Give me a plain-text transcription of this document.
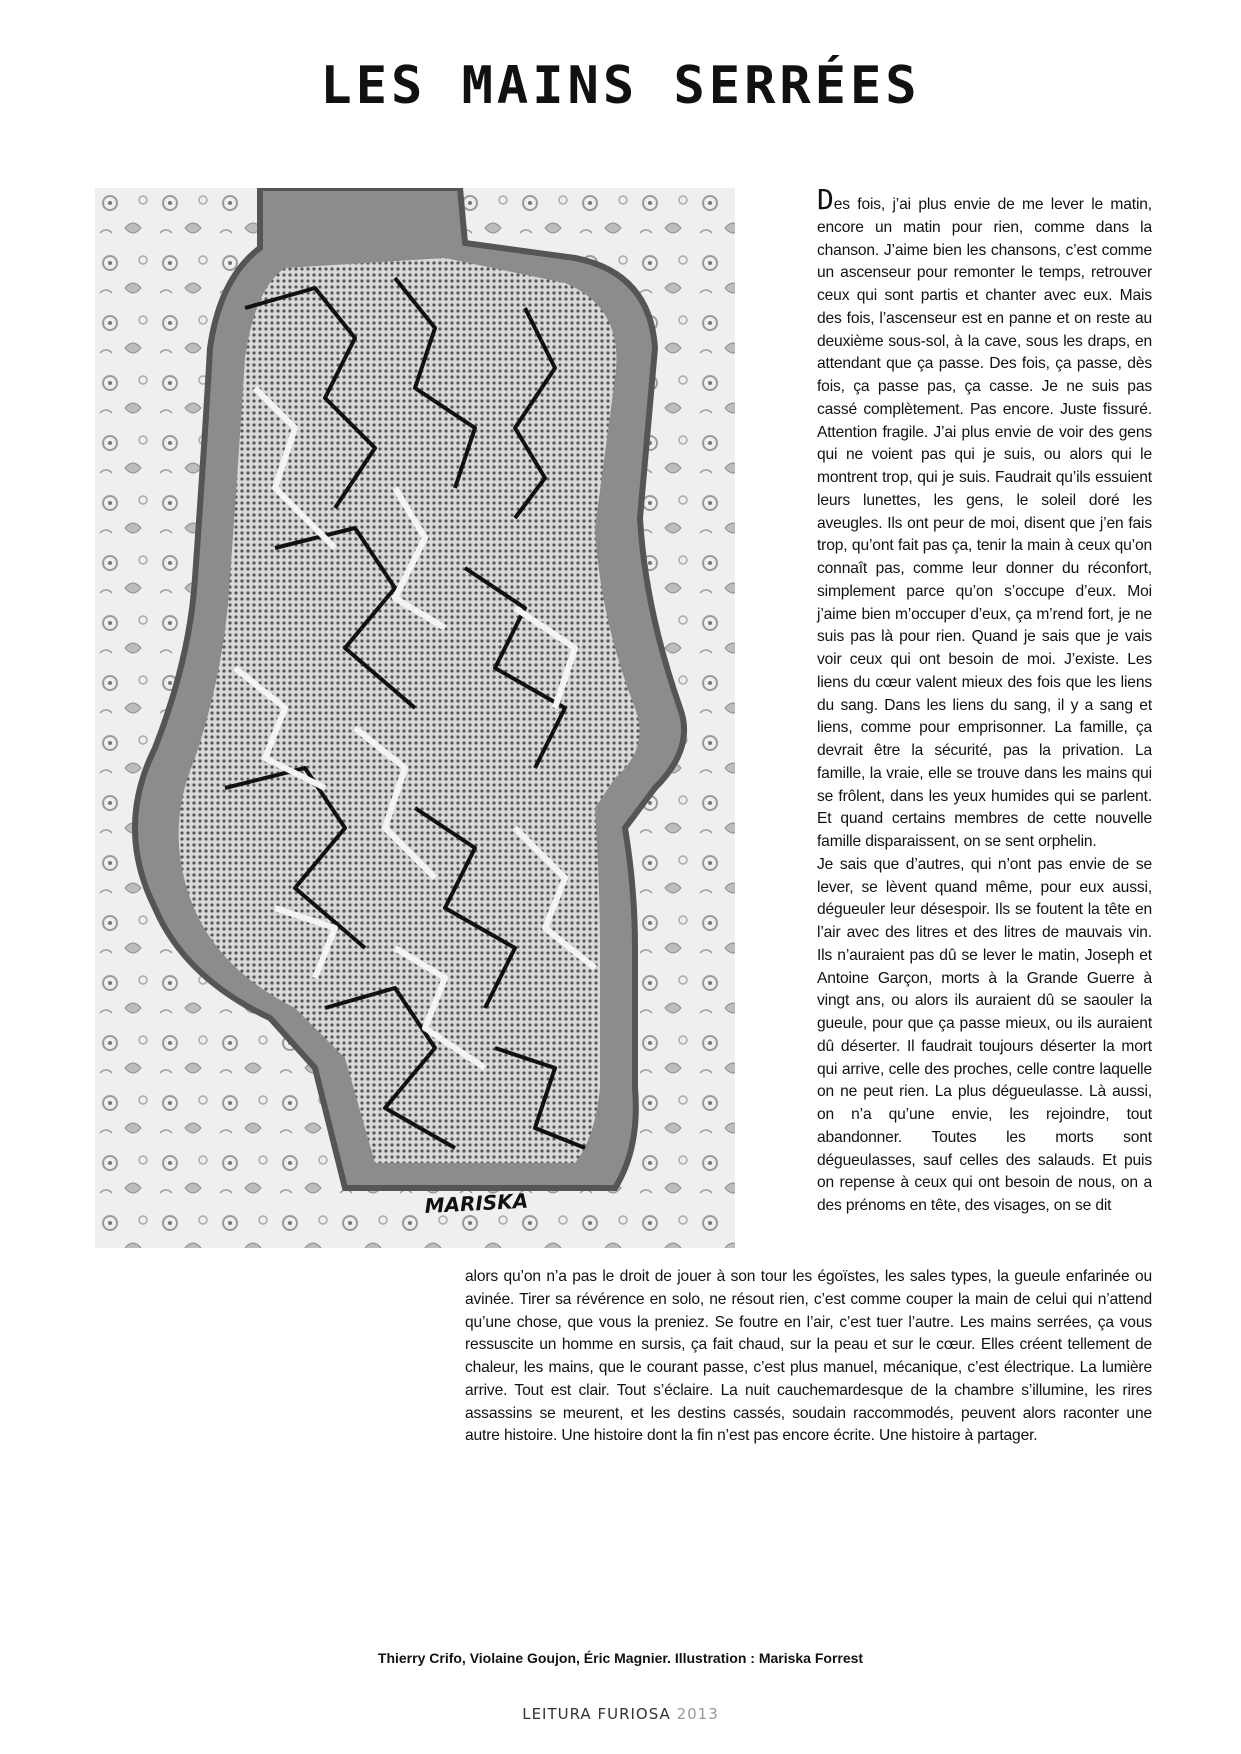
LES MAINS SERRÉES
MARISKA

Des fois, j’ai plus envie de me lever le matin, encore un matin pour rien, comme dans la chanson. J’aime bien les chansons, c’est comme un ascenseur pour remonter le temps, retrouver ceux qui sont partis et chanter avec eux. Mais des fois, l’ascenseur est en panne et on reste au deuxième sous-sol, à la cave, sous les draps, en attendant que ça passe. Des fois, ça passe, dès fois, ça passe pas, ça casse. Je ne suis pas cassé complètement. Pas encore. Juste fissuré. Attention fragile. J’ai plus envie de voir des gens qui ne voient pas qui je suis, ou alors qui le montrent trop, qui je suis. Faudrait qu’ils essuient leurs lunettes, les gens, le soleil doré les aveugles. Ils ont peur de moi, disent que j’en fais trop, qu’ont fait pas ça, tenir la main à ceux qu’on connaît pas, comme leur donner du réconfort, simplement parce qu’on s’occupe d’eux. Moi j’aime bien m’occuper d’eux, ça m’rend fort, je ne suis pas là pour rien. Quand je sais que je vais voir ceux qui ont besoin de moi. J’existe. Les liens du cœur valent mieux des fois que les liens du sang. Dans les liens du sang, il y a sang et liens, comme pour emprisonner. La famille, ça devrait être la sécurité, pas la privation. La famille, la vraie, elle se trouve dans les mains qui se frôlent, dans les yeux humides qui se parlent. Et quand certains membres de cette nouvelle famille disparaissent, on se sent orphelin.

Je sais que d’autres, qui n’ont pas envie de se lever, se lèvent quand même, pour eux aussi, dégueuler leur désespoir. Ils se foutent la tête en l’air avec des litres et des litres de mauvais vin. Ils n’auraient pas dû se lever le matin, Joseph et Antoine Garçon, morts à la Grande Guerre à vingt ans, ou alors ils auraient dû se saouler la gueule, pour que ça passe mieux, ou ils auraient dû déserter. Il faudrait toujours déserter la mort qui arrive, celle des proches, celle contre laquelle on ne peut rien. La plus dégueulasse. Là aussi, on n’a qu’une envie, les rejoindre, tout abandonner. Toutes les morts sont dégueulasses, sauf celles des salauds. Et puis on repense à ceux qui ont besoin de nous, on a des prénoms en tête, des visages, on se dit

alors qu’on n’a pas le droit de jouer à son tour les égoïstes, les sales types, la gueule enfarinée ou avinée. Tirer sa révérence en solo, ne résout rien, c’est comme couper la main de celui qui n’attend qu’une chose, que vous la preniez. Se foutre en l’air, c’est tuer l’autre. Les mains serrées, ça vous ressuscite un homme en sursis, ça fait chaud, sur la peau et sur le cœur. Elles créent tellement de chaleur, les mains, que le courant passe, c’est plus manuel, mécanique, c’est électrique. La lumière arrive. Tout est clair. Tout s’éclaire. La nuit cauchemardesque de la chambre s’illumine, les rires assassins se meurent, et les destins cassés, soudain raccommodés, peuvent alors raconter une autre histoire. Une histoire dont la fin n’est pas encore écrite. Une histoire à partager.

Thierry Crifo, Violaine Goujon, Éric Magnier. Illustration : Mariska Forrest
LEITURA FURIOSA 2013
